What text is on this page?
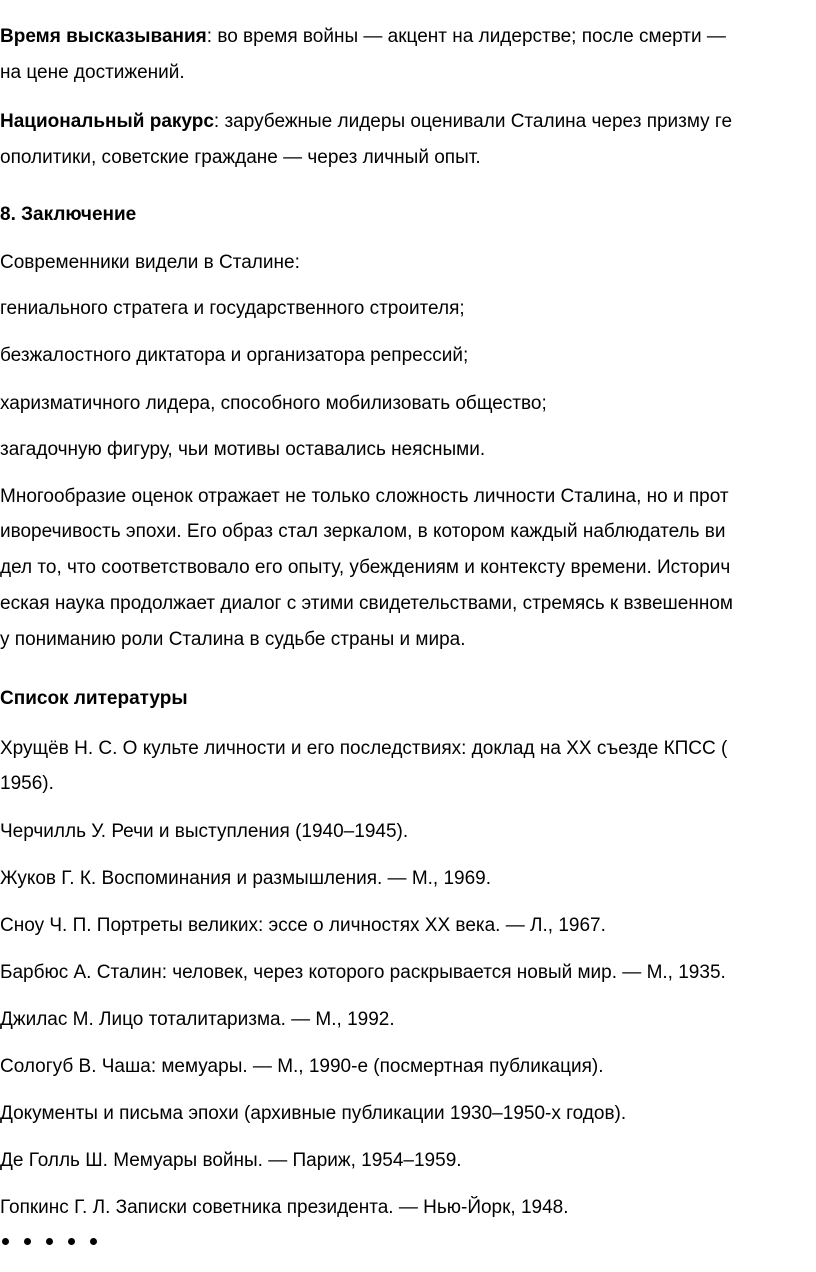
Время высказывания: во время войны — акцент на лидерстве; после смерти —
на цене достижений.
Национальный ракурс: зарубежные лидеры оценивали Сталина через призму ге
ополитики, советские граждане — через личный опыт.
8. Заключение
Современники видели в Сталине:
гениального стратега и государственного строителя;
безжалостного диктатора и организатора репрессий;
харизматичного лидера, способного мобилизовать общество;
загадочную фигуру, чьи мотивы оставались неясными.
Многообразие оценок отражает не только сложность личности Сталина, но и прот
иворечивость эпохи. Его образ стал зеркалом, в котором каждый наблюдатель ви
дел то, что соответствовало его опыту, убеждениям и контексту времени. Историч
еская наука продолжает диалог с этими свидетельствами, стремясь к взвешенном
у пониманию роли Сталина в судьбе страны и мира.
Список литературы
Хрущёв Н. С. О культе личности и его последствиях: доклад на XX съезде КПСС (
1956).
Черчилль У. Речи и выступления (1940–1945).
Жуков Г. К. Воспоминания и размышления. — М., 1969.
Сноу Ч. П. Портреты великих: эссе о личностях XX века. — Л., 1967.
Барбюс А. Сталин: человек, через которого раскрывается новый мир. — М., 1935.
Джилас М. Лицо тоталитаризма. — М., 1992.
Сологуб В. Чаша: мемуары. — М., 1990-е (посмертная публикация).
Документы и письма эпохи (архивные публикации 1930–1950-х годов).
Де Голль Ш. Мемуары войны. — Париж, 1954–1959.
Гопкинс Г. Л. Записки советника президента. — Нью-Йорк, 1948.
